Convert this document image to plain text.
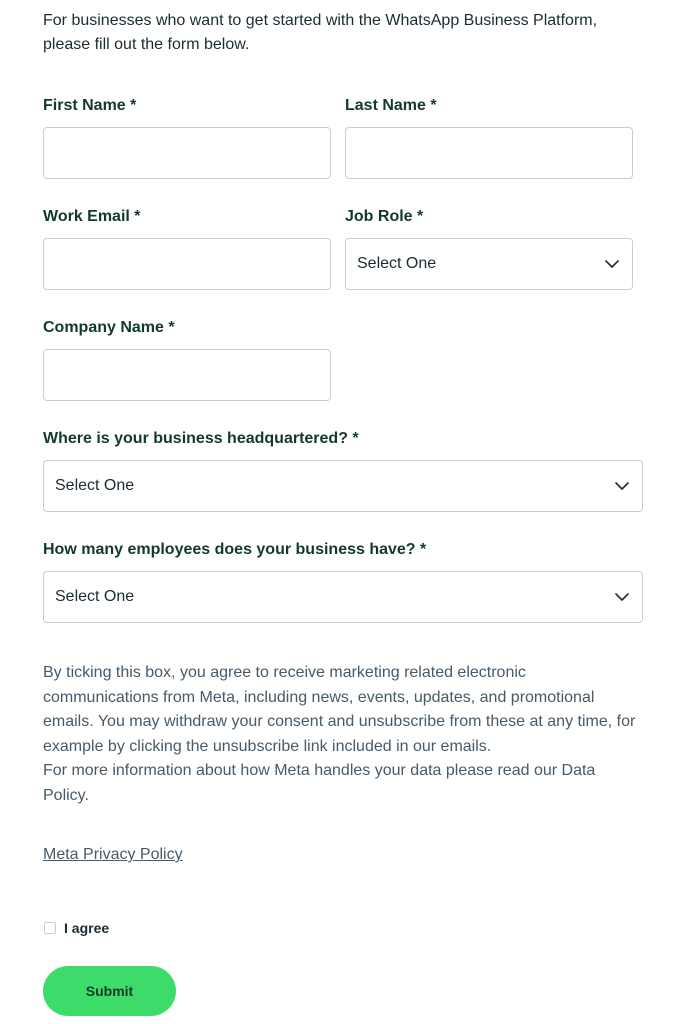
For businesses who want to get started with the WhatsApp Business Platform, please fill out the form below.

First Name *	Last Name *
Work Email *	Job Role *
Select One
Company Name *
Where is your business headquartered? *
Select One
How many employees does your business have? *
Select One

By ticking this box, you agree to receive marketing related electronic communications from Meta, including news, events, updates, and promotional emails. You may withdraw your consent and unsubscribe from these at any time, for example by clicking the unsubscribe link included in our emails.

For more information about how Meta handles your data please read our Data Policy.

Meta Privacy Policy
I agree
Submit
